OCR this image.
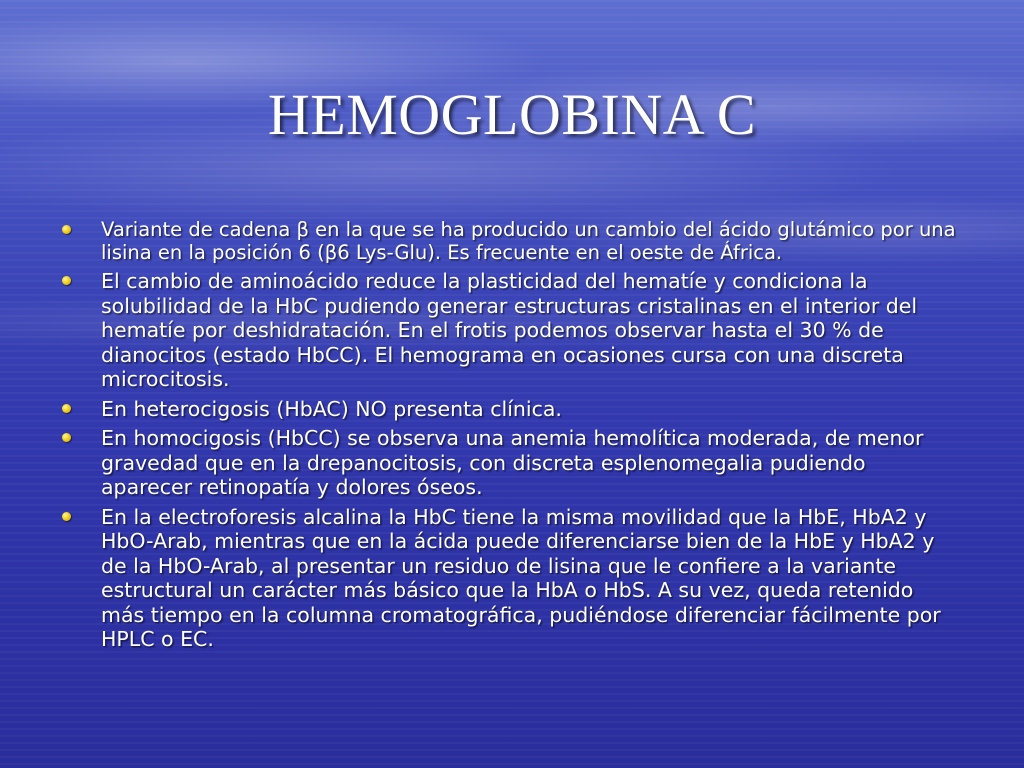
HEMOGLOBINA C
Variante de cadena β en la que se ha producido un cambio del ácido glutámico por una lisina en la posición 6 (β6 Lys-Glu). Es frecuente en el oeste de África.
El cambio de aminoácido reduce la plasticidad del hematíe y condiciona la solubilidad de la HbC pudiendo generar estructuras cristalinas en el interior del hematíe por deshidratación. En el frotis podemos observar hasta el 30 % de dianocitos (estado HbCC). El hemograma en ocasiones cursa con una discreta microcitosis.
En heterocigosis (HbAC) NO presenta clínica.
En homocigosis (HbCC) se observa una anemia hemolítica moderada, de menor gravedad que en la drepanocitosis, con discreta esplenomegalia pudiendo aparecer retinopatía y dolores óseos.
En la electroforesis alcalina la HbC tiene la misma movilidad que la HbE, HbA2 y HbO-Arab, mientras que en la ácida puede diferenciarse bien de la HbE y HbA2 y de la HbO-Arab, al presentar un residuo de lisina que le confiere a la variante estructural un carácter más básico que la HbA o HbS. A su vez, queda retenido más tiempo en la columna cromatográfica, pudiéndose diferenciar fácilmente por HPLC o EC.
